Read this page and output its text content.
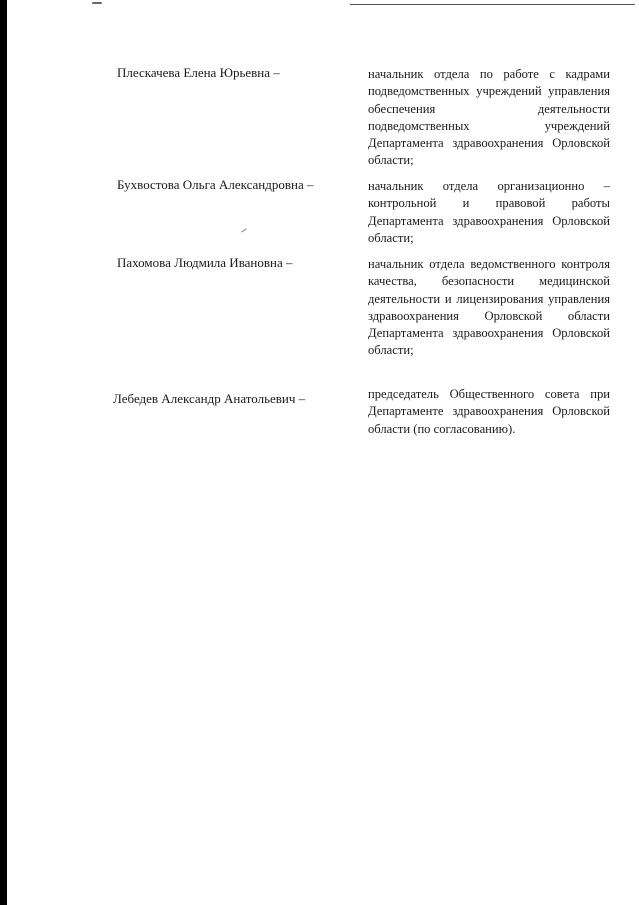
Плескачева Елена Юрьевна –	начальник отдела по работе с кадрами подведомственных учреждений управления обеспечения деятельности подведомственных учреждений Департамента здравоохранения Орловской области;
Бухвостова Ольга Александровна –	начальник отдела организационно – контрольной и правовой работы Департамента здравоохранения Орловской области;
Пахомова Людмила Ивановна –	начальник отдела ведомственного контроля качества, безопасности медицинской деятельности и лицензирования управления здравоохранения Орловской области Департамента здравоохранения Орловской области;
Лебедев Александр Анатольевич –	председатель Общественного совета при Департаменте здравоохранения Орловской области (по согласованию).
